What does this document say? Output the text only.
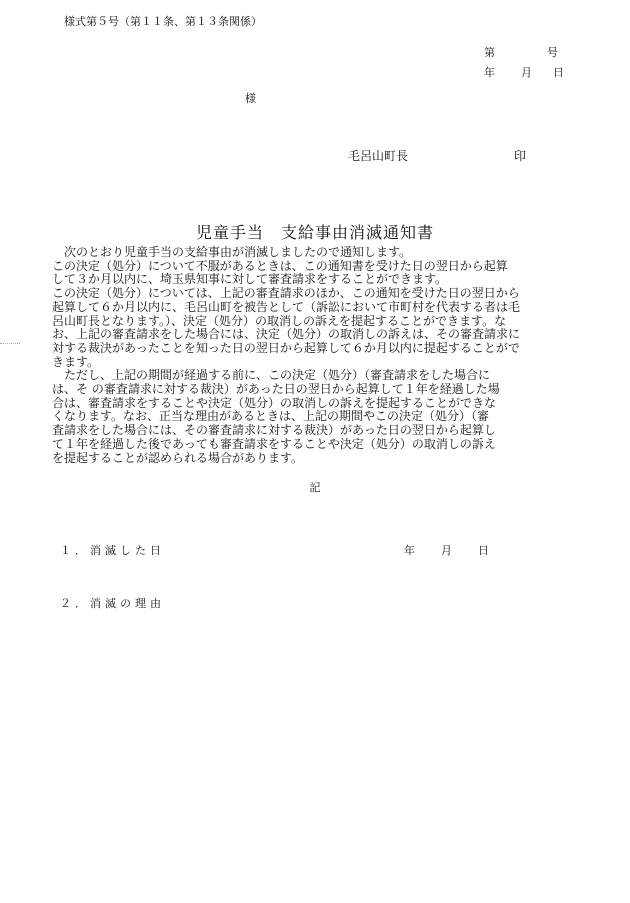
様式第５号（第１１条、第１３条関係）
第	号
年 月 日
様
毛呂山町長	印
児童手当　支給事由消滅通知書

　次のとおり児童手当の支給事由が消滅しましたので通知します。

この決定（処分）について不服があるときは、この通知書を受けた日の翌日から起算

して３か月以内に、埼玉県知事に対して審査請求をすることができます。

この決定（処分）については、上記の審査請求のほか、この通知を受けた日の翌日から

起算して６か月以内に、毛呂山町を被告として（訴訟において市町村を代表する者は毛

呂山町長となります。）、決定（処分）の取消しの訴えを提起することができます。な

お、上記の審査請求をした場合には、決定（処分）の取消しの訴えは、その審査請求に

対する裁決があったことを知った日の翌日から起算して６か月以内に提起することがで

きます。

　ただし、上記の期間が経過する前に、この決定（処分）（審査請求をした場合に

は、そ の審査請求に対する裁決）があった日の翌日から起算して１年を経過した場

合は、審査請求をすることや決定（処分）の取消しの訴えを提起することができな

くなります。なお、正当な理由があるときは、上記の期間やこの決定（処分）（審

査請求をした場合には、その審査請求に対する裁決）があった日の翌日から起算し

て１年を経過した後であっても審査請求をすることや決定（処分）の取消しの訴え

を提起することが認められる場合があります。

記
１．消滅した日	年 月 日
２．消滅の理由
